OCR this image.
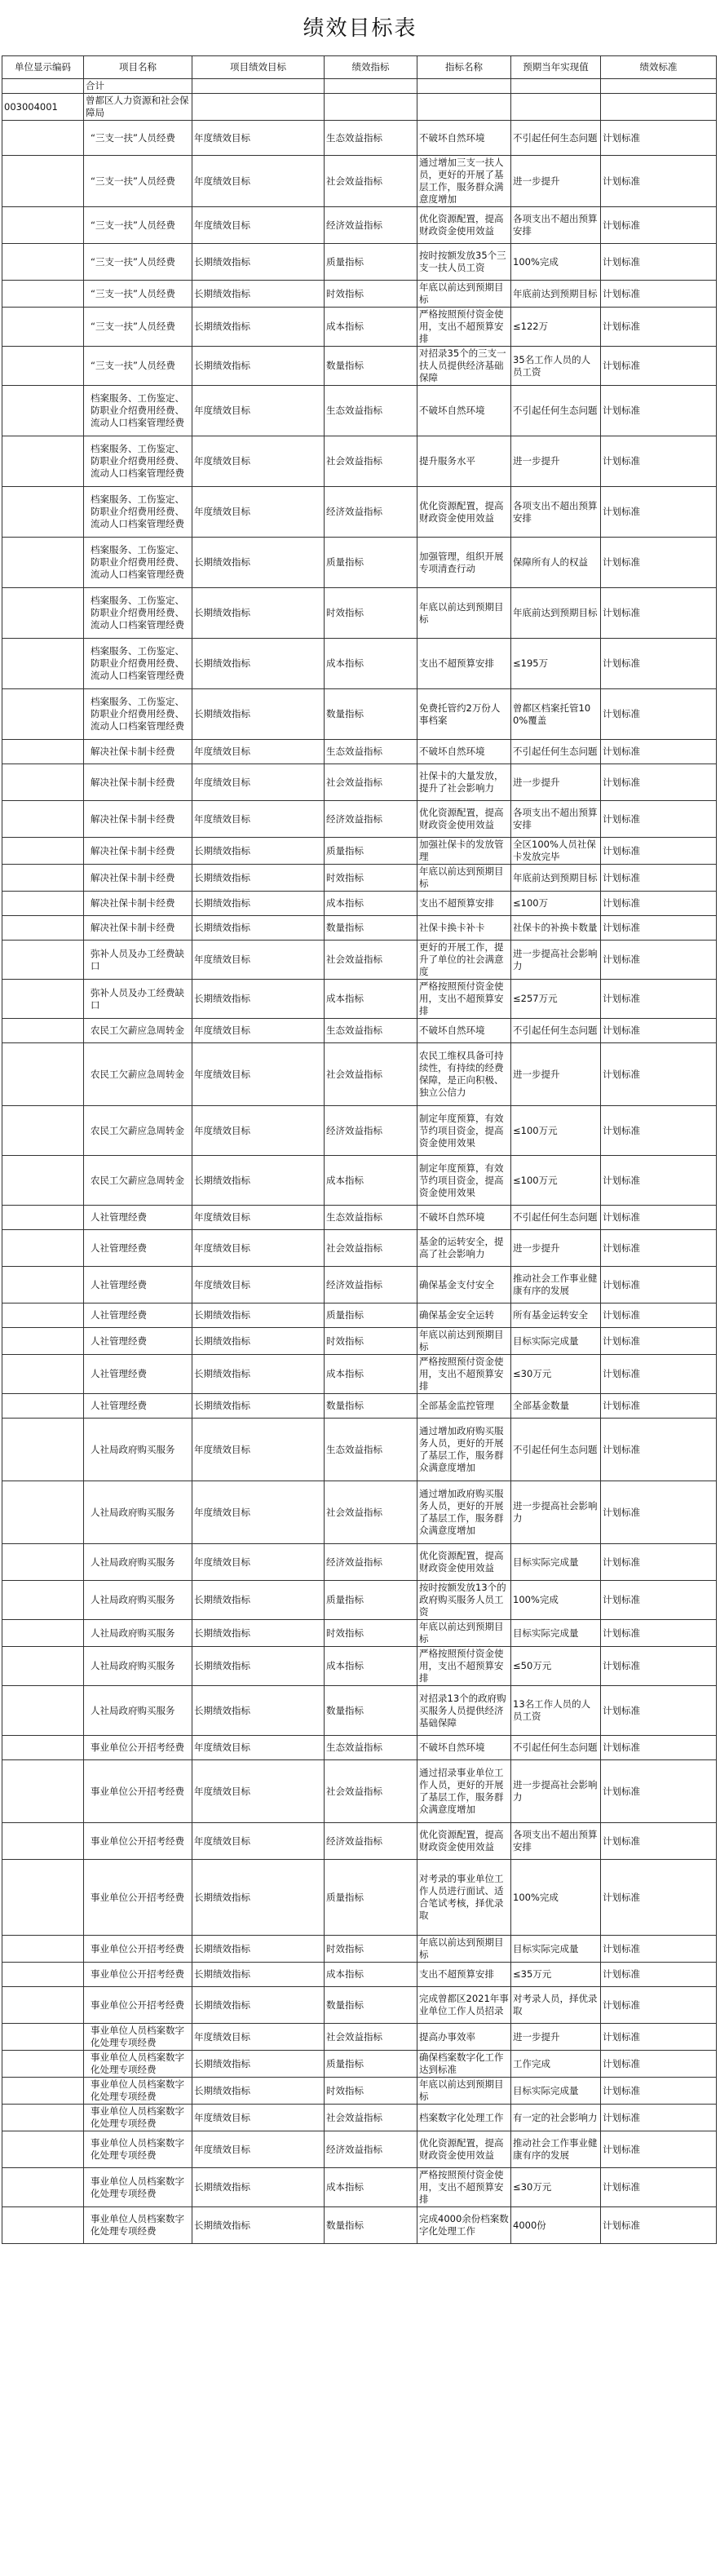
绩效目标表
单位显示编码	项目名称	项目绩效目标	绩效指标	指标名称	预期当年实现值	绩效标准
	合计					
003004001	曾都区人力资源和社会保障局					
	“三支一扶”人员经费	年度绩效目标	生态效益指标	不破坏自然环境	不引起任何生态问题	计划标准
	“三支一扶”人员经费	年度绩效目标	社会效益指标	通过增加三支一扶人员，更好的开展了基层工作，服务群众满意度增加	进一步提升	计划标准
	“三支一扶”人员经费	年度绩效目标	经济效益指标	优化资源配置，提高财政资金使用效益	各项支出不超出预算安排	计划标准
	“三支一扶”人员经费	长期绩效指标	质量指标	按时按额发放35个三支一扶人员工资	100%完成	计划标准
	“三支一扶”人员经费	长期绩效指标	时效指标	年底以前达到预期目标	年底前达到预期目标	计划标准
	“三支一扶”人员经费	长期绩效指标	成本指标	严格按照预付资金使用，支出不超预算安排	≤122万	计划标准
	“三支一扶”人员经费	长期绩效指标	数量指标	对招录35个的三支一扶人员提供经济基础保障	35名工作人员的人员工资	计划标准
	档案服务、工伤鉴定、防职业介绍费用经费、流动人口档案管理经费	年度绩效目标	生态效益指标	不破坏自然环境	不引起任何生态问题	计划标准
	档案服务、工伤鉴定、防职业介绍费用经费、流动人口档案管理经费	年度绩效目标	社会效益指标	提升服务水平	进一步提升	计划标准
	档案服务、工伤鉴定、防职业介绍费用经费、流动人口档案管理经费	年度绩效目标	经济效益指标	优化资源配置，提高财政资金使用效益	各项支出不超出预算安排	计划标准
	档案服务、工伤鉴定、防职业介绍费用经费、流动人口档案管理经费	长期绩效指标	质量指标	加强管理，组织开展专项清查行动	保障所有人的权益	计划标准
	档案服务、工伤鉴定、防职业介绍费用经费、流动人口档案管理经费	长期绩效指标	时效指标	年底以前达到预期目标	年底前达到预期目标	计划标准
	档案服务、工伤鉴定、防职业介绍费用经费、流动人口档案管理经费	长期绩效指标	成本指标	支出不超预算安排	≤195万	计划标准
	档案服务、工伤鉴定、防职业介绍费用经费、流动人口档案管理经费	长期绩效指标	数量指标	免费托管约2万份人事档案	曾都区档案托管100%覆盖	计划标准
	解决社保卡制卡经费	年度绩效目标	生态效益指标	不破坏自然环境	不引起任何生态问题	计划标准
	解决社保卡制卡经费	年度绩效目标	社会效益指标	社保卡的大量发放，提升了社会影响力	进一步提升	计划标准
	解决社保卡制卡经费	年度绩效目标	经济效益指标	优化资源配置，提高财政资金使用效益	各项支出不超出预算安排	计划标准
	解决社保卡制卡经费	长期绩效指标	质量指标	加强社保卡的发放管理	全区100%人员社保卡发放完毕	计划标准
	解决社保卡制卡经费	长期绩效指标	时效指标	年底以前达到预期目标	年底前达到预期目标	计划标准
	解决社保卡制卡经费	长期绩效指标	成本指标	支出不超预算安排	≤100万	计划标准
	解决社保卡制卡经费	长期绩效指标	数量指标	社保卡换卡补卡	社保卡的补换卡数量	计划标准
	弥补人员及办工经费缺口	年度绩效目标	社会效益指标	更好的开展工作，提升了单位的社会满意度	进一步提高社会影响力	计划标准
	弥补人员及办工经费缺口	长期绩效指标	成本指标	严格按照预付资金使用，支出不超预算安排	≤257万元	计划标准
	农民工欠薪应急周转金	年度绩效目标	生态效益指标	不破坏自然环境	不引起任何生态问题	计划标准
	农民工欠薪应急周转金	年度绩效目标	社会效益指标	农民工维权具备可持续性，有持续的经费保障，是正向积极、独立公信力	进一步提升	计划标准
	农民工欠薪应急周转金	年度绩效目标	经济效益指标	制定年度预算，有效节约项目资金，提高资金使用效果	≤100万元	计划标准
	农民工欠薪应急周转金	长期绩效指标	成本指标	制定年度预算，有效节约项目资金，提高资金使用效果	≤100万元	计划标准
	人社管理经费	年度绩效目标	生态效益指标	不破坏自然环境	不引起任何生态问题	计划标准
	人社管理经费	年度绩效目标	社会效益指标	基金的运转安全，提高了社会影响力	进一步提升	计划标准
	人社管理经费	年度绩效目标	经济效益指标	确保基金支付安全	推动社会工作事业健康有序的发展	计划标准
	人社管理经费	长期绩效指标	质量指标	确保基金安全运转	所有基金运转安全	计划标准
	人社管理经费	长期绩效指标	时效指标	年底以前达到预期目标	目标实际完成量	计划标准
	人社管理经费	长期绩效指标	成本指标	严格按照预付资金使用，支出不超预算安排	≤30万元	计划标准
	人社管理经费	长期绩效指标	数量指标	全部基金监控管理	全部基金数量	计划标准
	人社局政府购买服务	年度绩效目标	生态效益指标	通过增加政府购买服务人员，更好的开展了基层工作，服务群众满意度增加	不引起任何生态问题	计划标准
	人社局政府购买服务	年度绩效目标	社会效益指标	通过增加政府购买服务人员，更好的开展了基层工作，服务群众满意度增加	进一步提高社会影响力	计划标准
	人社局政府购买服务	年度绩效目标	经济效益指标	优化资源配置，提高财政资金使用效益	目标实际完成量	计划标准
	人社局政府购买服务	长期绩效指标	质量指标	按时按额发放13个的政府购买服务人员工资	100%完成	计划标准
	人社局政府购买服务	长期绩效指标	时效指标	年底以前达到预期目标	目标实际完成量	计划标准
	人社局政府购买服务	长期绩效指标	成本指标	严格按照预付资金使用，支出不超预算安排	≤50万元	计划标准
	人社局政府购买服务	长期绩效指标	数量指标	对招录13个的政府购买服务人员提供经济基础保障	13名工作人员的人员工资	计划标准
	事业单位公开招考经费	年度绩效目标	生态效益指标	不破坏自然环境	不引起任何生态问题	计划标准
	事业单位公开招考经费	年度绩效目标	社会效益指标	通过招录事业单位工作人员，更好的开展了基层工作，服务群众满意度增加	进一步提高社会影响力	计划标准
	事业单位公开招考经费	年度绩效目标	经济效益指标	优化资源配置，提高财政资金使用效益	各项支出不超出预算安排	计划标准
	事业单位公开招考经费	长期绩效指标	质量指标	对考录的事业单位工作人员进行面试、适合笔试考核，择优录取	100%完成	计划标准
	事业单位公开招考经费	长期绩效指标	时效指标	年底以前达到预期目标	目标实际完成量	计划标准
	事业单位公开招考经费	长期绩效指标	成本指标	支出不超预算安排	≤35万元	计划标准
	事业单位公开招考经费	长期绩效指标	数量指标	完成曾都区2021年事业单位工作人员招录	对考录人员，择优录取	计划标准
	事业单位人员档案数字化处理专项经费	年度绩效目标	社会效益指标	提高办事效率	进一步提升	计划标准
	事业单位人员档案数字化处理专项经费	长期绩效指标	质量指标	确保档案数字化工作达到标准	工作完成	计划标准
	事业单位人员档案数字化处理专项经费	长期绩效指标	时效指标	年底以前达到预期目标	目标实际完成量	计划标准
	事业单位人员档案数字化处理专项经费	年度绩效目标	社会效益指标	档案数字化处理工作	有一定的社会影响力	计划标准
	事业单位人员档案数字化处理专项经费	年度绩效目标	经济效益指标	优化资源配置，提高财政资金使用效益	推动社会工作事业健康有序的发展	计划标准
	事业单位人员档案数字化处理专项经费	长期绩效指标	成本指标	严格按照预付资金使用，支出不超预算安排	≤30万元	计划标准
	事业单位人员档案数字化处理专项经费	长期绩效指标	数量指标	完成4000余份档案数字化处理工作	4000份	计划标准
